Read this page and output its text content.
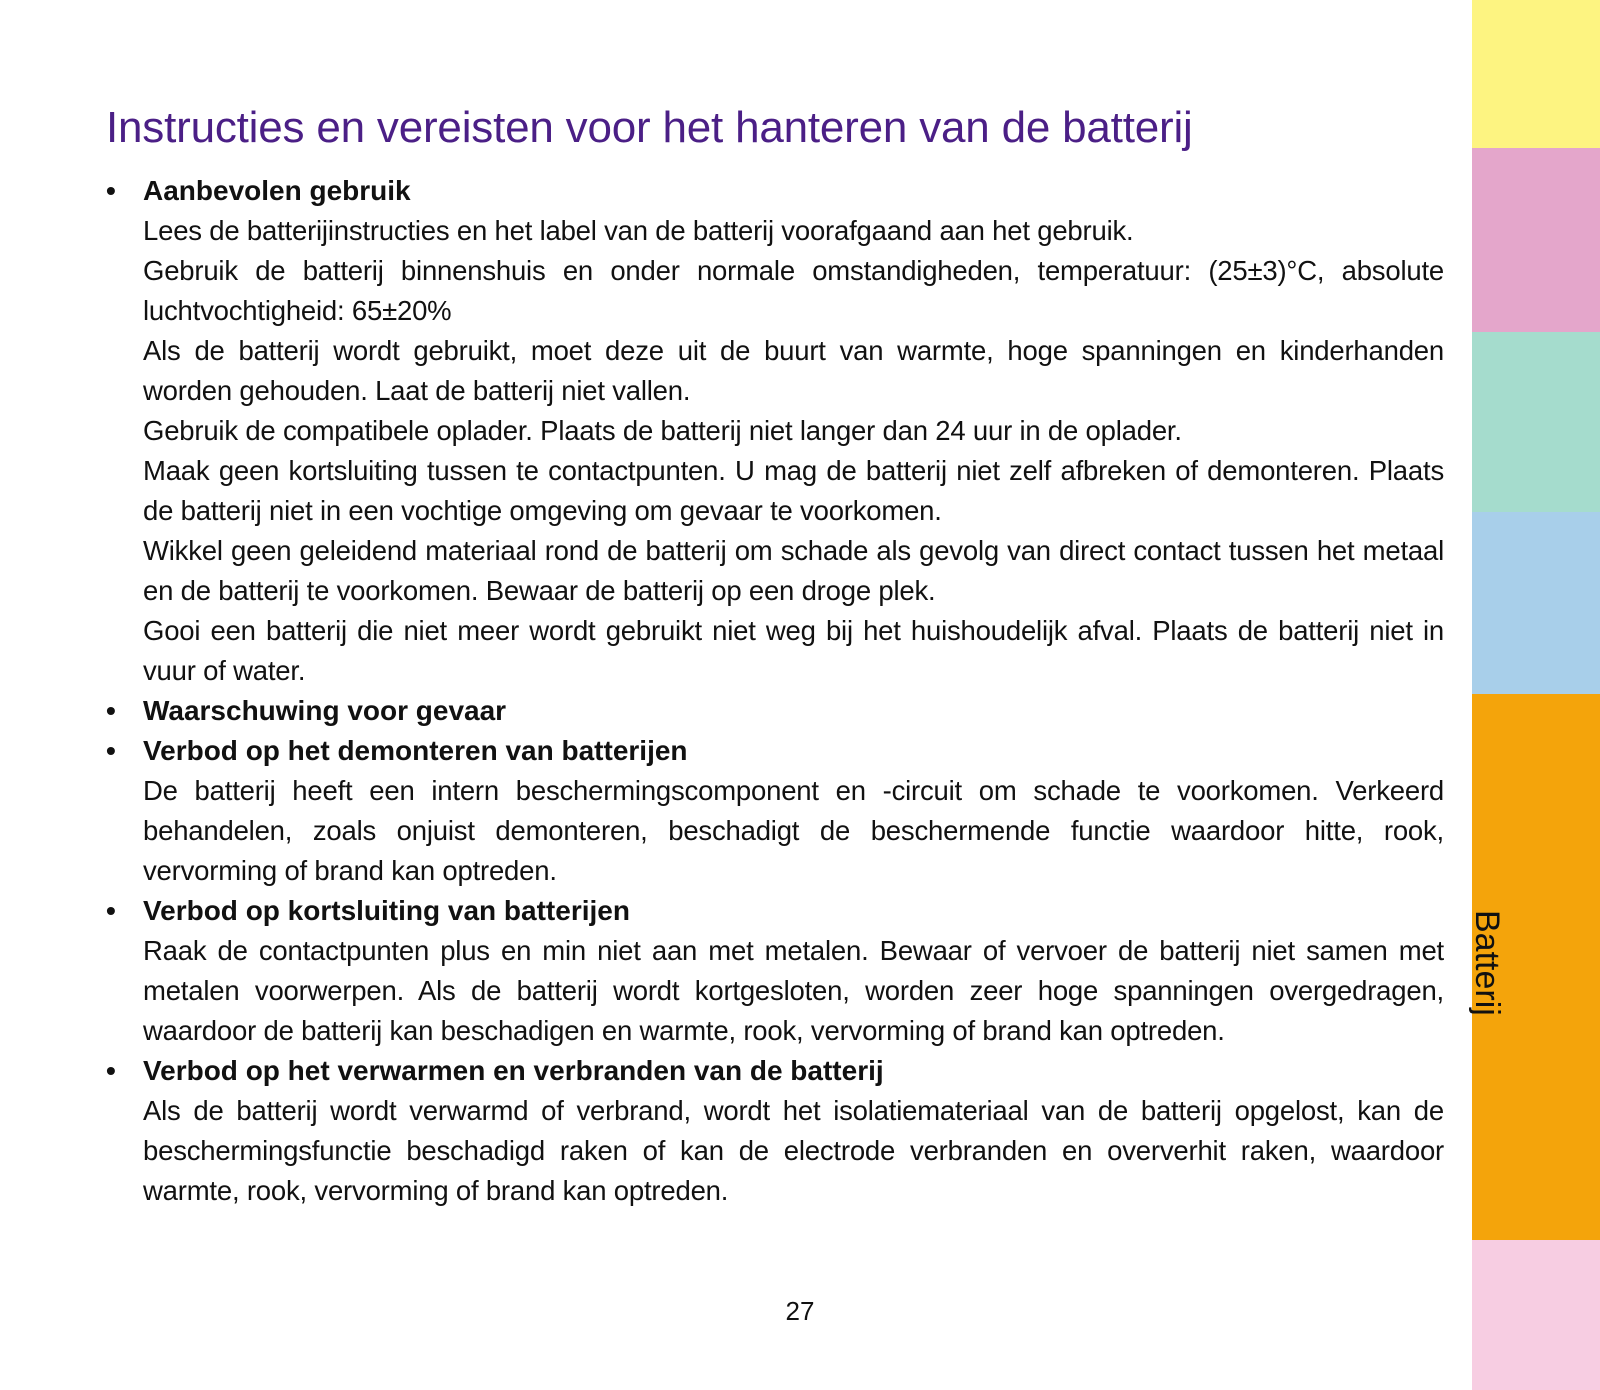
Instructies en vereisten voor het hanteren van de batterij
• Aanbevolen gebruik

Lees de batterijinstructies en het label van de batterij voorafgaand aan het gebruik.

Gebruik de batterij binnenshuis en onder normale omstandigheden, temperatuur: (25±3)°C, absolute luchtvochtigheid: 65±20%

Als de batterij wordt gebruikt, moet deze uit de buurt van warmte, hoge spanningen en kinderhanden worden gehouden. Laat de batterij niet vallen.

Gebruik de compatibele oplader. Plaats de batterij niet langer dan 24 uur in de oplader.

Maak geen kortsluiting tussen te contactpunten. U mag de batterij niet zelf afbreken of demonteren. Plaats de batterij niet in een vochtige omgeving om gevaar te voorkomen.

Wikkel geen geleidend materiaal rond de batterij om schade als gevolg van direct contact tussen het metaal en de batterij te voorkomen. Bewaar de batterij op een droge plek.

Gooi een batterij die niet meer wordt gebruikt niet weg bij het huishoudelijk afval. Plaats de batterij niet in vuur of water.

• Waarschuwing voor gevaar
• Verbod op het demonteren van batterijen

De batterij heeft een intern beschermingscomponent en -circuit om schade te voorkomen. Verkeerd behandelen, zoals onjuist demonteren, beschadigt de beschermende functie waardoor hitte, rook, vervorming of brand kan optreden.

• Verbod op kortsluiting van batterijen

Raak de contactpunten plus en min niet aan met metalen. Bewaar of vervoer de batterij niet samen met metalen voorwerpen. Als de batterij wordt kortgesloten, worden zeer hoge spanningen overgedragen, waardoor de batterij kan beschadigen en warmte, rook, vervorming of brand kan optreden.

• Verbod op het verwarmen en verbranden van de batterij

Als de batterij wordt verwarmd of verbrand, wordt het isolatiemateriaal van de batterij opgelost, kan de beschermingsfunctie beschadigd raken of kan de electrode verbranden en oververhit raken, waardoor warmte, rook, vervorming of brand kan optreden.

27
Batterij
